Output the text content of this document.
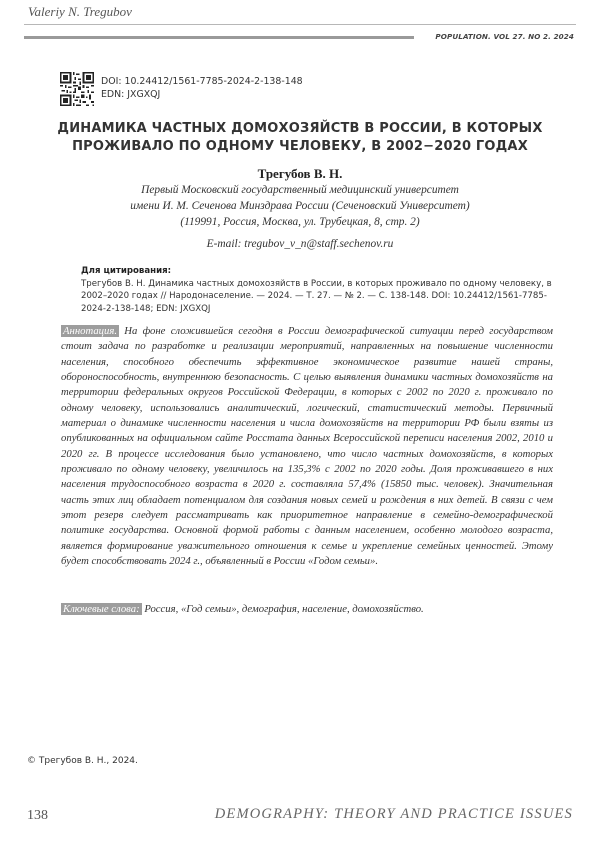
Valeriy N. Tregubov
POPULATION. VOL 27. NO 2. 2024
DOI: 10.24412/1561-7785-2024-2-138-148
EDN: JXGXQJ
ДИНАМИКА ЧАСТНЫХ ДОМОХОЗЯЙСТВ В РОССИИ, В КОТОРЫХ
ПРОЖИВАЛО ПО ОДНОМУ ЧЕЛОВЕКУ, В 2002−2020 ГОДАХ
Трегубов В. Н.
Первый Московский государственный медицинский университет
имени И. М. Сеченова Минздрава России (Сеченовский Университет)
(119991, Россия, Москва, ул. Трубецкая, 8, стр. 2)
E-mail: tregubov_v_n@staff.sechenov.ru
Для цитирования:
Трегубов В. Н. Динамика частных домохозяйств в России, в которых проживало по одному человеку, в 2002–2020 годах // Народонаселение. — 2024. — Т. 27. — № 2. — С. 138-148. DOI: 10.24412/1561-7785-2024-2-138-148; EDN: JXGXQJ
Аннотация. На фоне сложившейся сегодня в России демографической ситуации перед государством стоит задача по разработке и реализации мероприятий, направленных на повышение численности населения, способного обеспечить эффективное экономическое развитие нашей страны, обороноспособность, внутреннюю безопасность. С целью выявления динамики частных домохозяйств на территории федеральных округов Российской Федерации, в которых с 2002 по 2020 г. проживало по одному человеку, использовались аналитический, логический, статистический методы. Первичный материал о динамике численности населения и числа домохозяйств на территории РФ были взяты из опубликованных на официальном сайте Росстата данных Всероссийской переписи населения 2002, 2010 и 2020 гг. В процессе исследования было установлено, что число частных домохозяйств, в которых проживало по одному человеку, увеличилось на 135,3% с 2002 по 2020 годы. Доля проживавшего в них населения трудоспособного возраста в 2020 г. составляла 57,4% (15850 тыс. человек). Значительная часть этих лиц обладает потенциалом для создания новых семей и рождения в них детей. В связи с чем этот резерв следует рассматривать как приоритетное направление в семейно-демографической политике государства. Основной формой работы с данным населением, особенно молодого возраста, является формирование уважительного отношения к семье и укрепление семейных ценностей. Этому будет способствовать 2024 г., объявленный в России «Годом семьи».
Ключевые слова: Россия, «Год семьи», демография, население, домохозяйство.
© Трегубов В. Н., 2024.
138	DEMOGRAPHY: THEORY AND PRACTICE ISSUES
